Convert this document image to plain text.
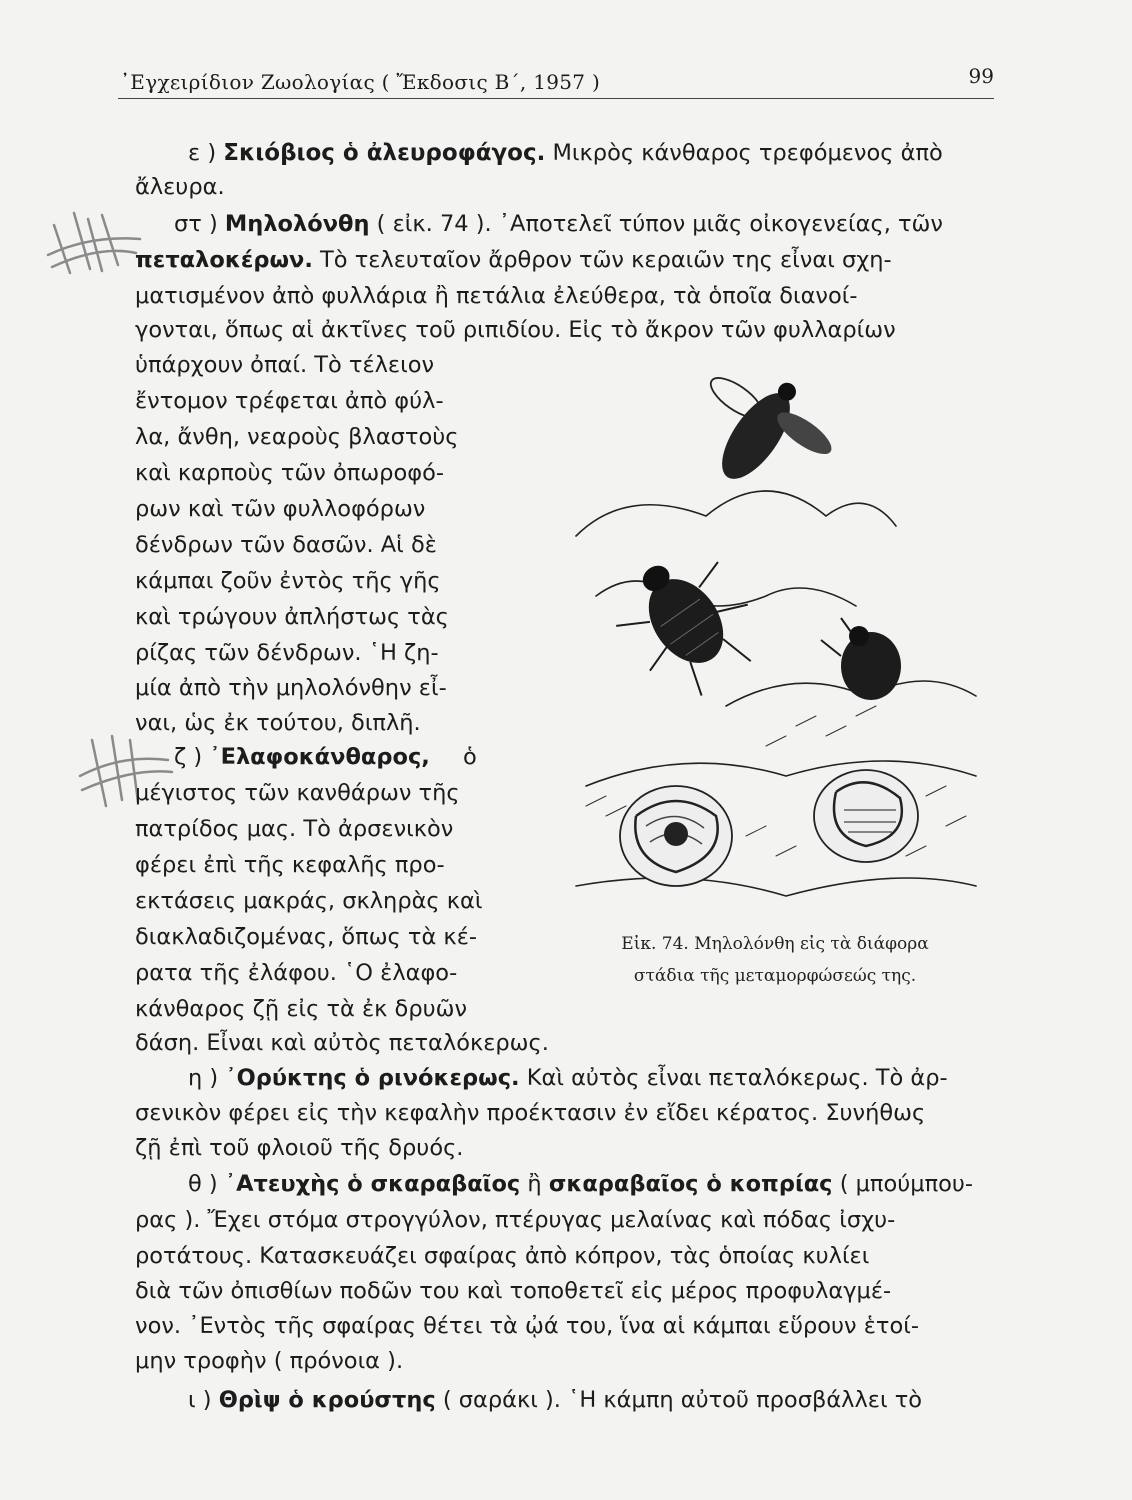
᾿Εγχειρίδιον Ζωολογίας ( Ἔκδοσις Β΄, 1957 )	99
ε ) Σκιόβιος ὁ ἀλευροφάγος. Μικρὸς κάνθαρος τρεφόμενος ἀπὸ
ἄλευρα.
στ ) Μηλολόνθη ( εἰκ. 74 ). ᾿Αποτελεῖ τύπον μιᾶς οἰκογενείας, τῶν
πεταλοκέρων. Τὸ τελευταῖον ἄρθρον τῶν κεραιῶν της εἶναι σχη-
ματισμένον ἀπὸ φυλλάρια ἢ πετάλια ἐλεύθερα, τὰ ὁποῖα διανοί-
γονται, ὅπως αἱ ἀκτῖνες τοῦ ριπιδίου. Εἰς τὸ ἄκρον τῶν φυλλαρίων
ὑπάρχουν ὀπαί. Τὸ τέλειον
ἔντομον τρέφεται ἀπὸ φύλ-
λα, ἄνθη, νεαροὺς βλαστοὺς
καὶ καρποὺς τῶν ὀπωροφό-
ρων καὶ τῶν φυλλοφόρων
δένδρων τῶν δασῶν. Αἱ δὲ
κάμπαι ζοῦν ἐντὸς τῆς γῆς
καὶ τρώγουν ἀπλήστως τὰς
ρίζας τῶν δένδρων. ῾Η ζη-
μία ἀπὸ τὴν μηλολόνθην εἶ-
ναι, ὡς ἐκ τούτου, διπλῆ.
ζ ) ᾿Ελαφοκάνθαρος, ὁ
μέγιστος τῶν κανθάρων τῆς
πατρίδος μας. Τὸ ἀρσενικὸν
φέρει ἐπὶ τῆς κεφαλῆς προ-
εκτάσεις μακράς, σκληρὰς καὶ
διακλαδιζομένας, ὅπως τὰ κέ-
ρατα τῆς ἐλάφου. ῾Ο ἐλαφο-
κάνθαρος ζῇ εἰς τὰ ἐκ δρυῶν
δάση. Εἶναι καὶ αὐτὸς πεταλόκερως.
η ) ᾿Ορύκτης ὁ ρινόκερως. Καὶ αὐτὸς εἶναι πεταλόκερως. Τὸ ἀρ-
σενικὸν φέρει εἰς τὴν κεφαλὴν προέκτασιν ἐν εἴδει κέρατος. Συνήθως
ζῇ ἐπὶ τοῦ φλοιοῦ τῆς δρυός.
θ ) ᾿Ατευχὴς ὁ σκαραβαῖος ἢ σκαραβαῖος ὁ κοπρίας ( μπούμπου-
ρας ). Ἔχει στόμα στρογγύλον, πτέρυγας μελαίνας καὶ πόδας ἰσχυ-
ροτάτους. Κατασκευάζει σφαίρας ἀπὸ κόπρον, τὰς ὁποίας κυλίει
διὰ τῶν ὀπισθίων ποδῶν του καὶ τοποθετεῖ εἰς μέρος προφυλαγμέ-
νον. ᾿Εντὸς τῆς σφαίρας θέτει τὰ ᾠά του, ἵνα αἱ κάμπαι εὕρουν ἑτοί-
μην τροφὴν ( πρόνοια ).
ι ) Θρὶψ ὁ κρούστης ( σαράκι ). ῾Η κάμπη αὐτοῦ προσβάλλει τὸ
Εἰκ. 74. Μηλολόνθη εἰς τὰ διάφορα
στάδια τῆς μεταμορφώσεώς της.
